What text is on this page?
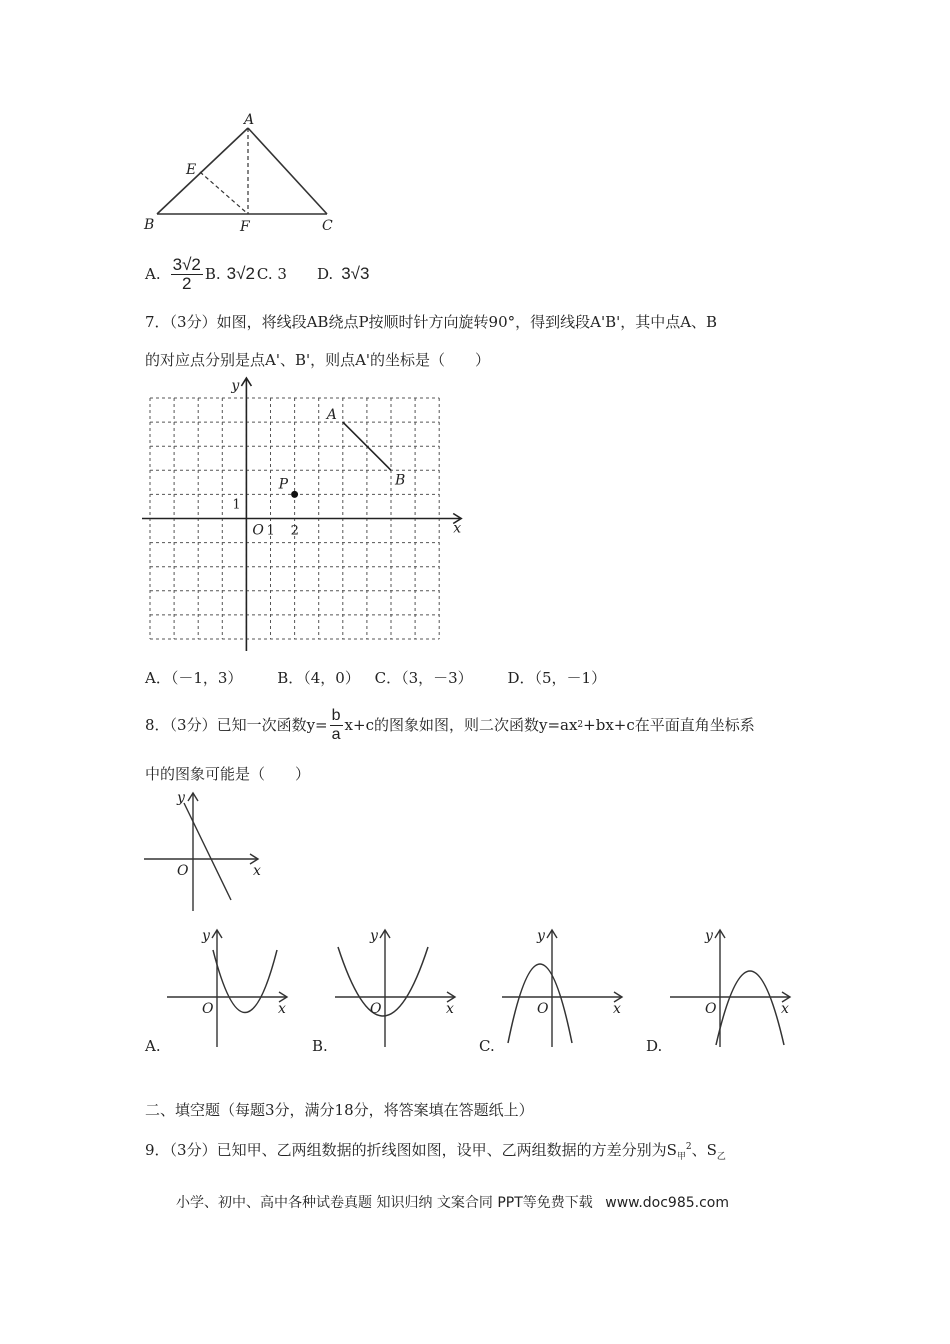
A
E
B	F	C
A. $\frac{3√2}{2} B$. 3√2 C. 3 D. 3√3
7．（3分）如图，将线段AB绕点P按顺时针方向旋转90°，得到线段A'B'，其中点A、B
的对应点分别是点A'、B'，则点A'的坐标是（　　）
y
x
O 1 2
1
A
B
P
A．（－1，3） B．（4，0） C．（3，－3） D．（5，－1）
8．（3分）已知一次函数$y= \frac{b}{a} x+c$的图象如图，则二次函数y=ax 2 +bx+c在平面直角坐标系
中的图象可能是（　　）
y
x
O
y
x
O
y
x
O
y
x
O
y
x
O
A.	B.	C.	D.
二、填空题（每题3分，满分18分，将答案填在答题纸上）
9．（3分）已知甲、乙两组数据的折线图如图，设甲、乙两组数据的方差分别为$S_甲^2$、$S_乙$
小学、初中、高中各种试卷真题 知识归纳 文案合同 PPT等免费下载 www.doc985.com
